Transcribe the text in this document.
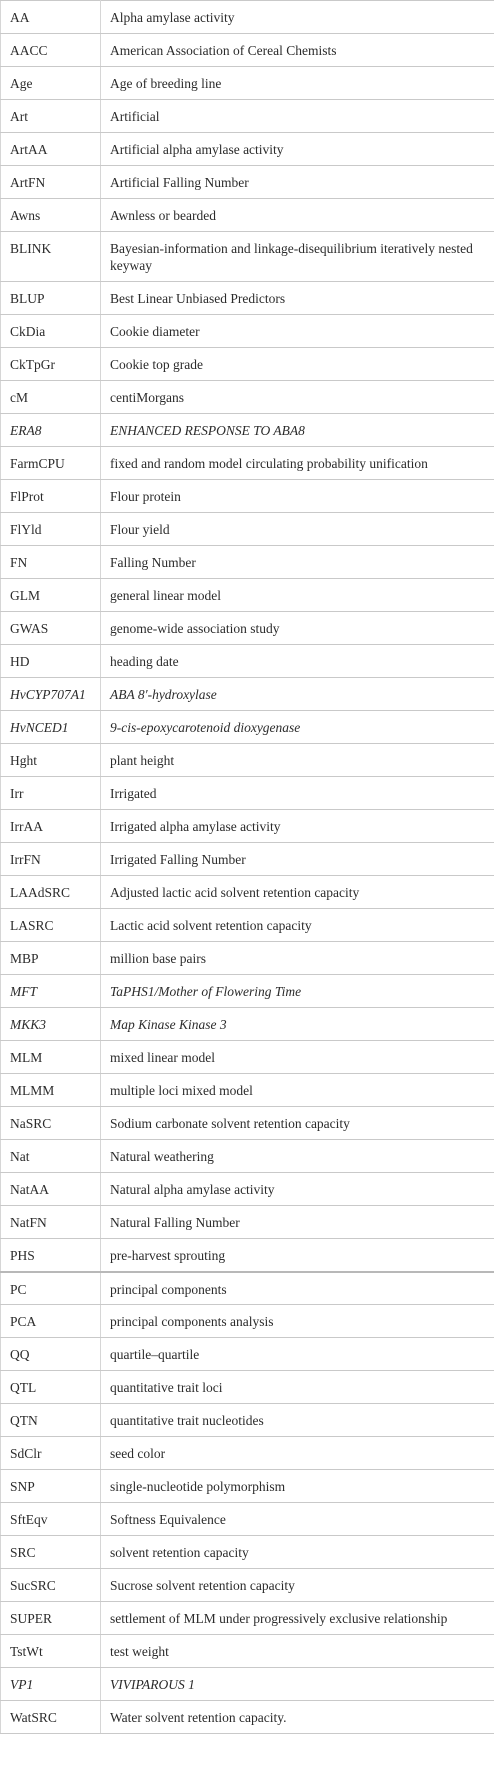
AA	Alpha amylase activity
AACC	American Association of Cereal Chemists
Age	Age of breeding line
Art	Artificial
ArtAA	Artificial alpha amylase activity
ArtFN	Artificial Falling Number
Awns	Awnless or bearded
BLINK	Bayesian-information and linkage-disequilibrium iteratively nested keyway
BLUP	Best Linear Unbiased Predictors
CkDia	Cookie diameter
CkTpGr	Cookie top grade
cM	centiMorgans
ERA8	ENHANCED RESPONSE TO ABA8
FarmCPU	fixed and random model circulating probability unification
FlProt	Flour protein
FlYld	Flour yield
FN	Falling Number
GLM	general linear model
GWAS	genome-wide association study
HD	heading date
HvCYP707A1	ABA 8′-hydroxylase
HvNCED1	9-cis-epoxycarotenoid dioxygenase
Hght	plant height
Irr	Irrigated
IrrAA	Irrigated alpha amylase activity
IrrFN	Irrigated Falling Number
LAAdSRC	Adjusted lactic acid solvent retention capacity
LASRC	Lactic acid solvent retention capacity
MBP	million base pairs
MFT	TaPHS1/Mother of Flowering Time
MKK3	Map Kinase Kinase 3
MLM	mixed linear model
MLMM	multiple loci mixed model
NaSRC	Sodium carbonate solvent retention capacity
Nat	Natural weathering
NatAA	Natural alpha amylase activity
NatFN	Natural Falling Number
PHS	pre-harvest sprouting
PC	principal components
PCA	principal components analysis
QQ	quartile–quartile
QTL	quantitative trait loci
QTN	quantitative trait nucleotides
SdClr	seed color
SNP	single-nucleotide polymorphism
SftEqv	Softness Equivalence
SRC	solvent retention capacity
SucSRC	Sucrose solvent retention capacity
SUPER	settlement of MLM under progressively exclusive relationship
TstWt	test weight
VP1	VIVIPAROUS 1
WatSRC	Water solvent retention capacity.
